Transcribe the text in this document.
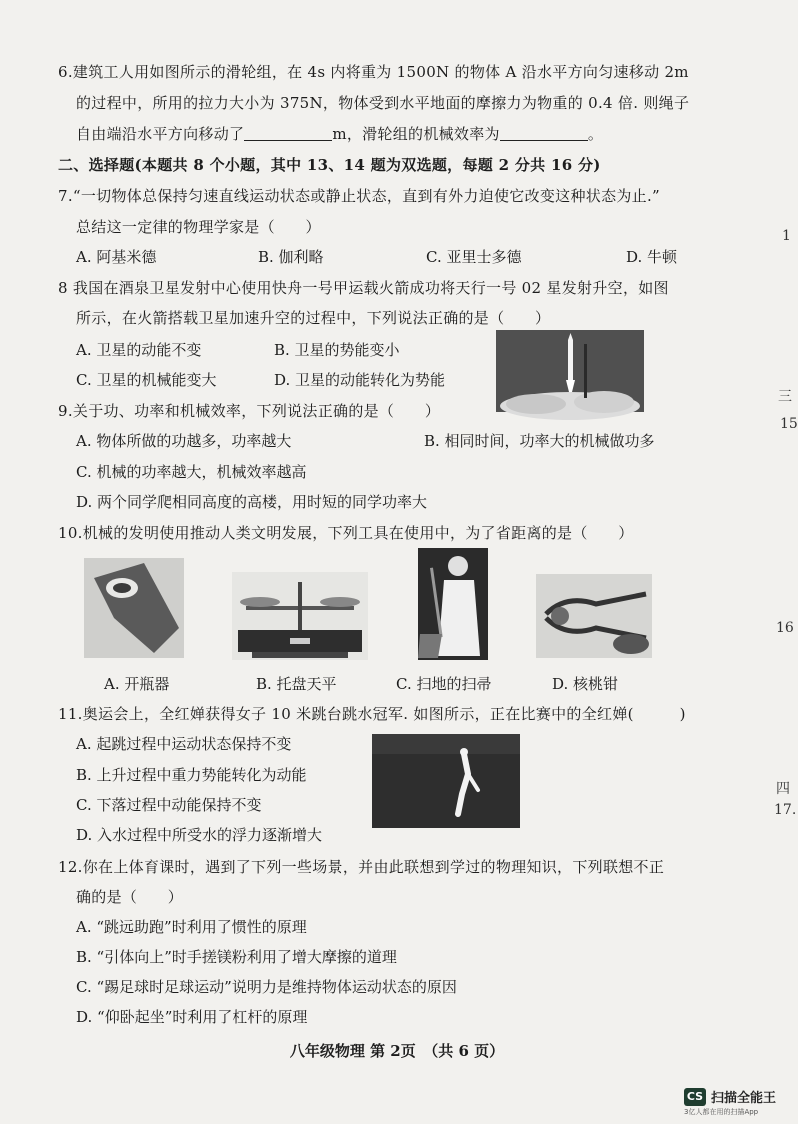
6.建筑工人用如图所示的滑轮组，在 4s 内将重为 1500N 的物体 A 沿水平方向匀速移动 2m
的过程中，所用的拉力大小为 375N，物体受到水平地面的摩擦力为物重的 0.4 倍. 则绳子
自由端沿水平方向移动了	m，滑轮组的机械效率为	。
二、选择题(本题共 8 个小题，其中 13、14 题为双选题，每题 2 分共 16 分)
7.“一切物体总保持匀速直线运动状态或静止状态，直到有外力迫使它改变这种状态为止.”
总结这一定律的物理学家是（　　）
A. 阿基米德	B. 伽利略	C. 亚里士多德	D. 牛顿
8 我国在酒泉卫星发射中心使用快舟一号甲运载火箭成功将天行一号 02 星发射升空，如图
所示，在火箭搭载卫星加速升空的过程中，下列说法正确的是（　　）
A. 卫星的动能不变	B. 卫星的势能变小
C. 卫星的机械能变大	D. 卫星的动能转化为势能
9.关于功、功率和机械效率，下列说法正确的是（　　）
A. 物体所做的功越多，功率越大	B. 相同时间，功率大的机械做功多
C. 机械的功率越大，机械效率越高
D. 两个同学爬相同高度的高楼，用时短的同学功率大
10.机械的发明使用推动人类文明发展，下列工具在使用中，为了省距离的是（　　）
A. 开瓶器	B. 托盘天平	C. 扫地的扫帚	D. 核桃钳
11.奥运会上，全红婵获得女子 10 米跳台跳水冠军. 如图所示，正在比赛中的全红婵(　　　)
A. 起跳过程中运动状态保持不变
B. 上升过程中重力势能转化为动能
C. 下落过程中动能保持不变
D. 入水过程中所受水的浮力逐渐增大
12.你在上体育课时，遇到了下列一些场景，并由此联想到学过的物理知识，下列联想不正
确的是（　　）
A. “跳远助跑”时利用了惯性的原理
B. “引体向上”时手搓镁粉利用了增大摩擦的道理
C. “踢足球时足球运动”说明力是维持物体运动状态的原因
D. “仰卧起坐”时利用了杠杆的原理
八年级物理 第 2页　（共 6 页）
1
三
15
16
四
17.
CS 扫描全能王
3亿人都在用的扫描App
